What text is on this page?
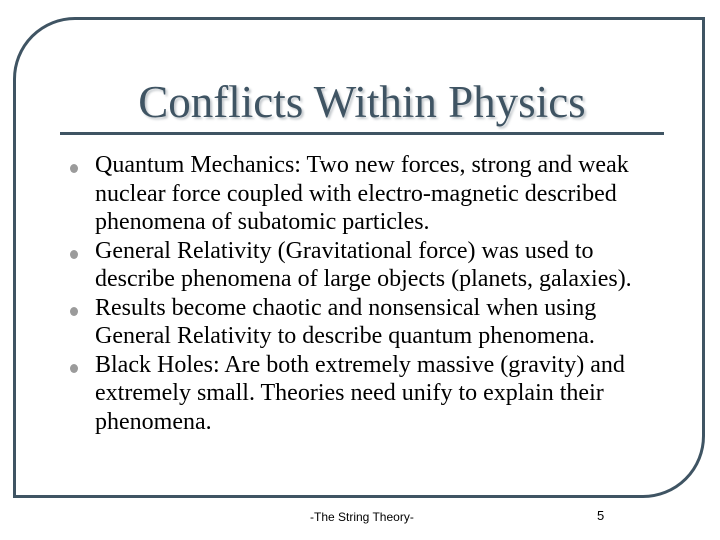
Conflicts Within Physics
Quantum Mechanics: Two new forces, strong and weak nuclear force coupled with electro-magnetic described phenomena of subatomic particles.
General Relativity (Gravitational force) was used to describe phenomena of large objects (planets, galaxies).
Results become chaotic and nonsensical when using General Relativity to describe quantum phenomena.
Black Holes: Are both extremely massive (gravity) and extremely small. Theories need unify to explain their phenomena.
-The String Theory-	5
